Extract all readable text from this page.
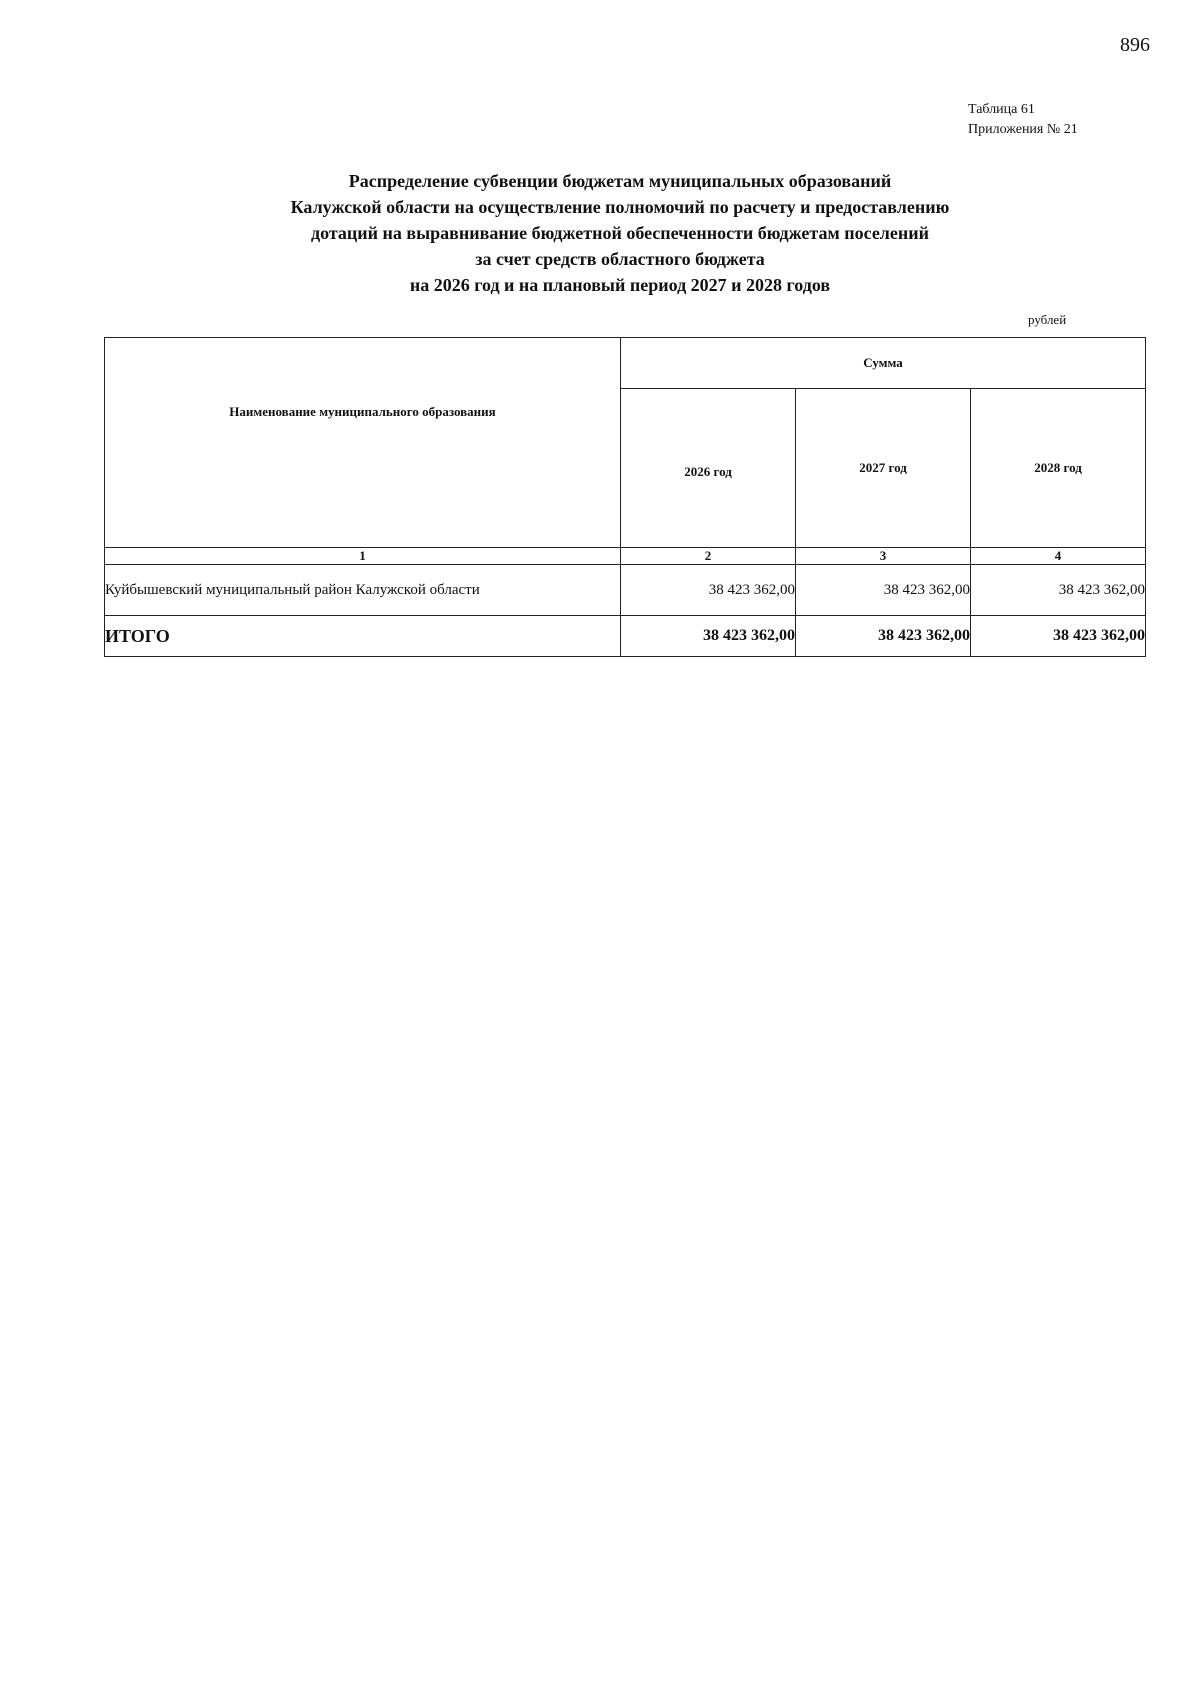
896
Таблица 61
Приложения № 21
Распределение субвенции бюджетам муниципальных образований
Калужской области на осуществление полномочий по расчету и предоставлению
дотаций на выравнивание бюджетной обеспеченности бюджетам поселений
за счет средств областного бюджета
на 2026 год и на плановый период 2027 и 2028 годов
рублей
Наименование муниципального образования	Сумма		
	2026 год	2027 год	2028 год
1	2	3	4
Куйбышевский муниципальный район Калужской области	38 423 362,00	38 423 362,00	38 423 362,00
ИТОГО	38 423 362,00	38 423 362,00	38 423 362,00
